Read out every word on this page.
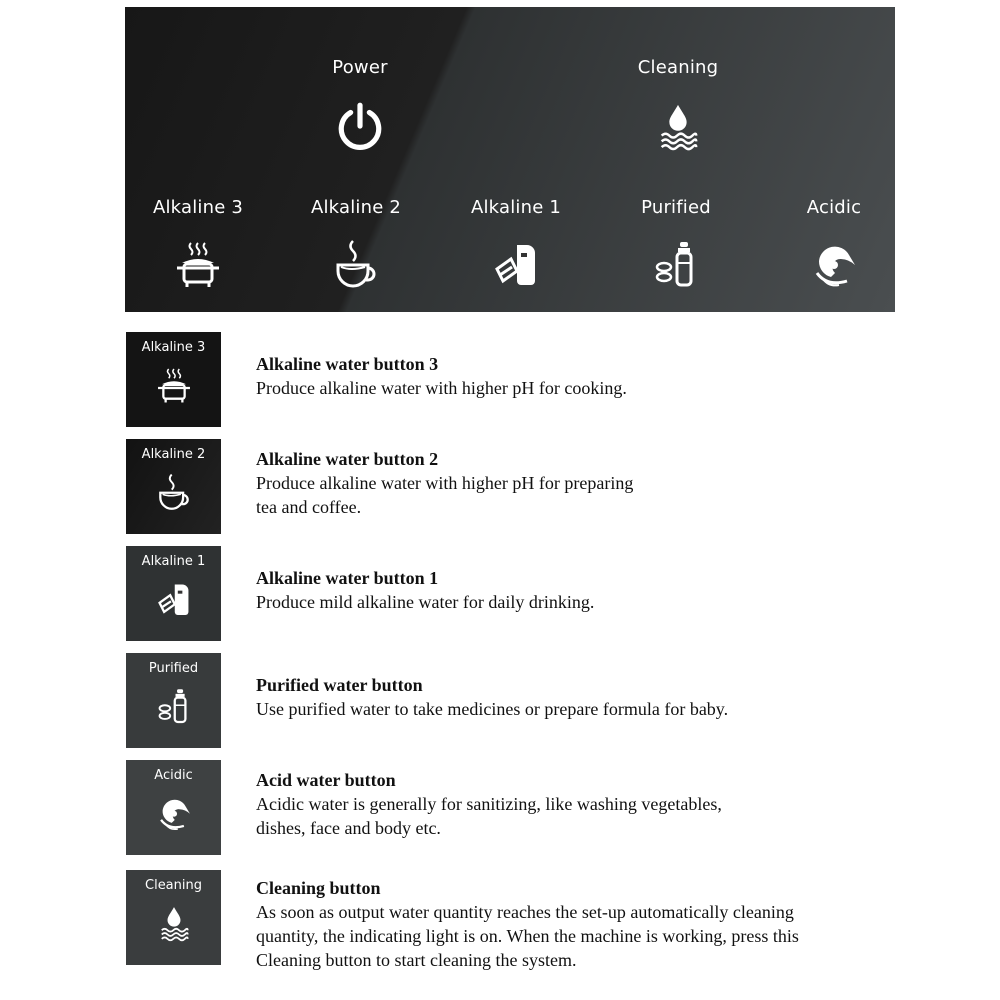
Power	Cleaning
Alkaline 3	Alkaline 2	Alkaline 1	Purified	Acidic
Alkaline 3
Alkaline water button 3
Produce alkaline water with higher pH for cooking.
Alkaline 2	Alkaline water button 2
Produce alkaline water with higher pH for preparing
tea and coffee.
Alkaline 1
Alkaline water button 1
Produce mild alkaline water for daily drinking.
Purified
Purified water button
Use purified water to take medicines or prepare formula for baby.
Acidic	Acid water button
Acidic water is generally for sanitizing, like washing vegetables,
dishes, face and body etc.
Cleaning	Cleaning button
As soon as output water quantity reaches the set-up automatically cleaning
quantity, the indicating light is on. When the machine is working, press this
Cleaning button to start cleaning the system.
